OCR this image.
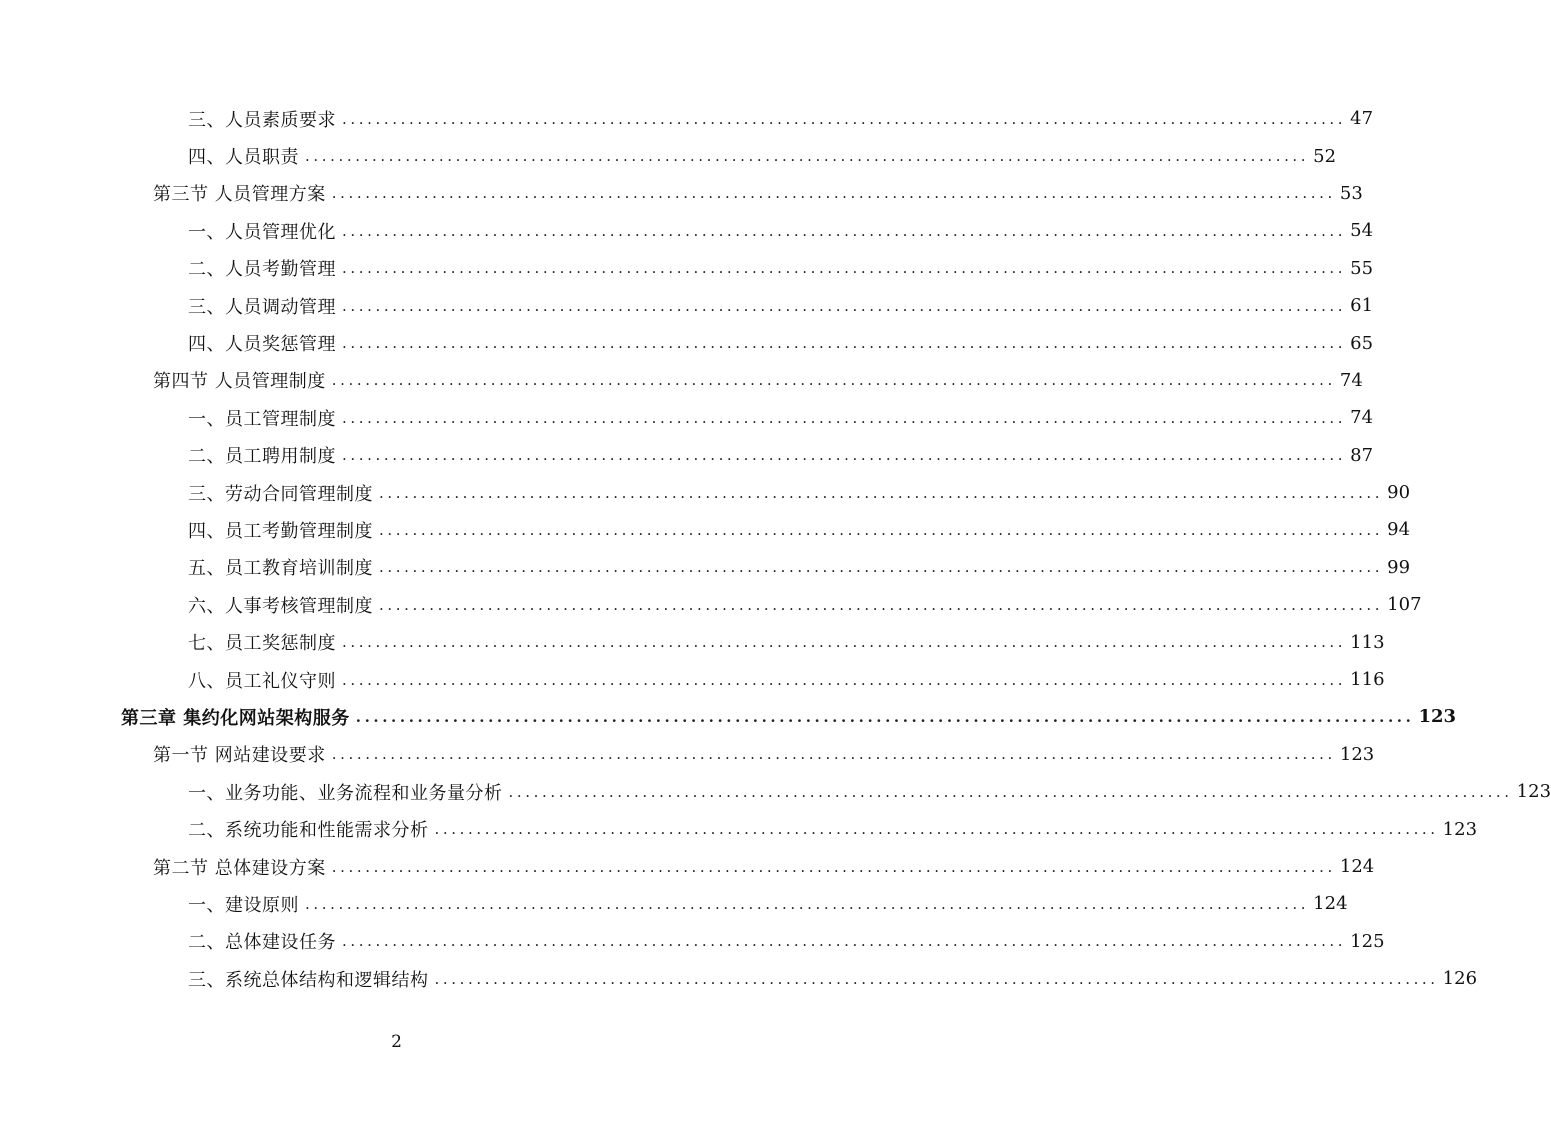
三、人员素质要求 ........................................................................................................................ 47
四、人员职责 ........................................................................................................................ 52
第三节 人员管理方案 ........................................................................................................................ 53
一、人员管理优化 ........................................................................................................................ 54
二、人员考勤管理 ........................................................................................................................ 55
三、人员调动管理 ........................................................................................................................ 61
四、人员奖惩管理 ........................................................................................................................ 65
第四节 人员管理制度 ........................................................................................................................ 74
一、员工管理制度 ........................................................................................................................ 74
二、员工聘用制度 ........................................................................................................................ 87
三、劳动合同管理制度 ........................................................................................................................ 90
四、员工考勤管理制度 ........................................................................................................................ 94
五、员工教育培训制度 ........................................................................................................................ 99
六、人事考核管理制度 ........................................................................................................................ 107
七、员工奖惩制度 ........................................................................................................................ 113
八、员工礼仪守则 ........................................................................................................................ 116
第三章 集约化网站架构服务 ........................................................................................................................ 123
第一节 网站建设要求 ........................................................................................................................ 123
一、业务功能、业务流程和业务量分析 ........................................................................................................................ 123
二、系统功能和性能需求分析 ........................................................................................................................ 123
第二节 总体建设方案 ........................................................................................................................ 124
一、建设原则 ........................................................................................................................ 124
二、总体建设任务 ........................................................................................................................ 125
三、系统总体结构和逻辑结构 ........................................................................................................................ 126
2
